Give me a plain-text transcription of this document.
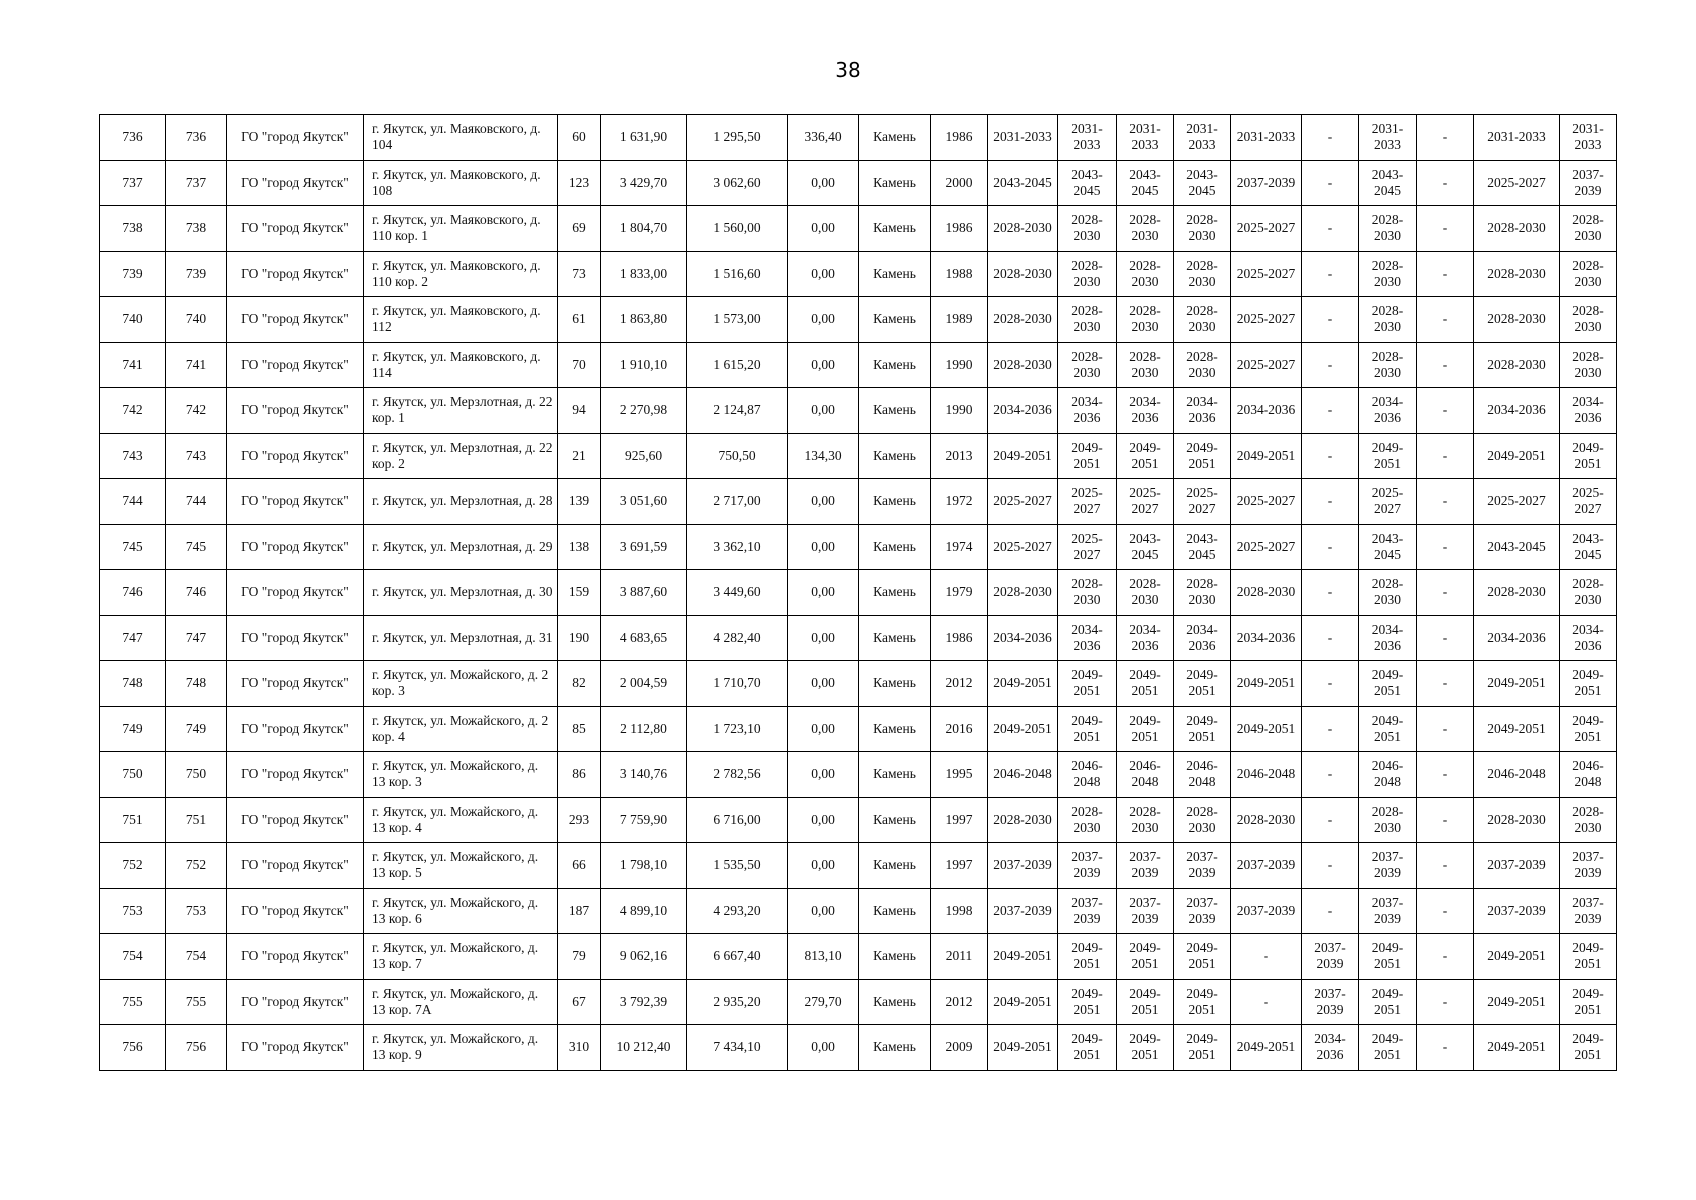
38
736	736	ГО "город Якутск"	г. Якутск, ул. Маяковского, д. 104	60	1 631,90	1 295,50	336,40	Камень	1986	2031-2033	2031-2033	2031-2033	2031-2033	2031-2033	-	2031-2033	-	2031-2033	2031-2033
737	737	ГО "город Якутск"	г. Якутск, ул. Маяковского, д. 108	123	3 429,70	3 062,60	0,00	Камень	2000	2043-2045	2043-2045	2043-2045	2043-2045	2037-2039	-	2043-2045	-	2025-2027	2037-2039
738	738	ГО "город Якутск"	г. Якутск, ул. Маяковского, д. 110 кор. 1	69	1 804,70	1 560,00	0,00	Камень	1986	2028-2030	2028-2030	2028-2030	2028-2030	2025-2027	-	2028-2030	-	2028-2030	2028-2030
739	739	ГО "город Якутск"	г. Якутск, ул. Маяковского, д. 110 кор. 2	73	1 833,00	1 516,60	0,00	Камень	1988	2028-2030	2028-2030	2028-2030	2028-2030	2025-2027	-	2028-2030	-	2028-2030	2028-2030
740	740	ГО "город Якутск"	г. Якутск, ул. Маяковского, д. 112	61	1 863,80	1 573,00	0,00	Камень	1989	2028-2030	2028-2030	2028-2030	2028-2030	2025-2027	-	2028-2030	-	2028-2030	2028-2030
741	741	ГО "город Якутск"	г. Якутск, ул. Маяковского, д. 114	70	1 910,10	1 615,20	0,00	Камень	1990	2028-2030	2028-2030	2028-2030	2028-2030	2025-2027	-	2028-2030	-	2028-2030	2028-2030
742	742	ГО "город Якутск"	г. Якутск, ул. Мерзлотная, д. 22 кор. 1	94	2 270,98	2 124,87	0,00	Камень	1990	2034-2036	2034-2036	2034-2036	2034-2036	2034-2036	-	2034-2036	-	2034-2036	2034-2036
743	743	ГО "город Якутск"	г. Якутск, ул. Мерзлотная, д. 22 кор. 2	21	925,60	750,50	134,30	Камень	2013	2049-2051	2049-2051	2049-2051	2049-2051	2049-2051	-	2049-2051	-	2049-2051	2049-2051
744	744	ГО "город Якутск"	г. Якутск, ул. Мерзлотная, д. 28	139	3 051,60	2 717,00	0,00	Камень	1972	2025-2027	2025-2027	2025-2027	2025-2027	2025-2027	-	2025-2027	-	2025-2027	2025-2027
745	745	ГО "город Якутск"	г. Якутск, ул. Мерзлотная, д. 29	138	3 691,59	3 362,10	0,00	Камень	1974	2025-2027	2025-2027	2043-2045	2043-2045	2025-2027	-	2043-2045	-	2043-2045	2043-2045
746	746	ГО "город Якутск"	г. Якутск, ул. Мерзлотная, д. 30	159	3 887,60	3 449,60	0,00	Камень	1979	2028-2030	2028-2030	2028-2030	2028-2030	2028-2030	-	2028-2030	-	2028-2030	2028-2030
747	747	ГО "город Якутск"	г. Якутск, ул. Мерзлотная, д. 31	190	4 683,65	4 282,40	0,00	Камень	1986	2034-2036	2034-2036	2034-2036	2034-2036	2034-2036	-	2034-2036	-	2034-2036	2034-2036
748	748	ГО "город Якутск"	г. Якутск, ул. Можайского, д. 2 кор. 3	82	2 004,59	1 710,70	0,00	Камень	2012	2049-2051	2049-2051	2049-2051	2049-2051	2049-2051	-	2049-2051	-	2049-2051	2049-2051
749	749	ГО "город Якутск"	г. Якутск, ул. Можайского, д. 2 кор. 4	85	2 112,80	1 723,10	0,00	Камень	2016	2049-2051	2049-2051	2049-2051	2049-2051	2049-2051	-	2049-2051	-	2049-2051	2049-2051
750	750	ГО "город Якутск"	г. Якутск, ул. Можайского, д. 13 кор. 3	86	3 140,76	2 782,56	0,00	Камень	1995	2046-2048	2046-2048	2046-2048	2046-2048	2046-2048	-	2046-2048	-	2046-2048	2046-2048
751	751	ГО "город Якутск"	г. Якутск, ул. Можайского, д. 13 кор. 4	293	7 759,90	6 716,00	0,00	Камень	1997	2028-2030	2028-2030	2028-2030	2028-2030	2028-2030	-	2028-2030	-	2028-2030	2028-2030
752	752	ГО "город Якутск"	г. Якутск, ул. Можайского, д. 13 кор. 5	66	1 798,10	1 535,50	0,00	Камень	1997	2037-2039	2037-2039	2037-2039	2037-2039	2037-2039	-	2037-2039	-	2037-2039	2037-2039
753	753	ГО "город Якутск"	г. Якутск, ул. Можайского, д. 13 кор. 6	187	4 899,10	4 293,20	0,00	Камень	1998	2037-2039	2037-2039	2037-2039	2037-2039	2037-2039	-	2037-2039	-	2037-2039	2037-2039
754	754	ГО "город Якутск"	г. Якутск, ул. Можайского, д. 13 кор. 7	79	9 062,16	6 667,40	813,10	Камень	2011	2049-2051	2049-2051	2049-2051	2049-2051	-	2037-2039	2049-2051	-	2049-2051	2049-2051
755	755	ГО "город Якутск"	г. Якутск, ул. Можайского, д. 13 кор. 7А	67	3 792,39	2 935,20	279,70	Камень	2012	2049-2051	2049-2051	2049-2051	2049-2051	-	2037-2039	2049-2051	-	2049-2051	2049-2051
756	756	ГО "город Якутск"	г. Якутск, ул. Можайского, д. 13 кор. 9	310	10 212,40	7 434,10	0,00	Камень	2009	2049-2051	2049-2051	2049-2051	2049-2051	2049-2051	2034-2036	2049-2051	-	2049-2051	2049-2051
